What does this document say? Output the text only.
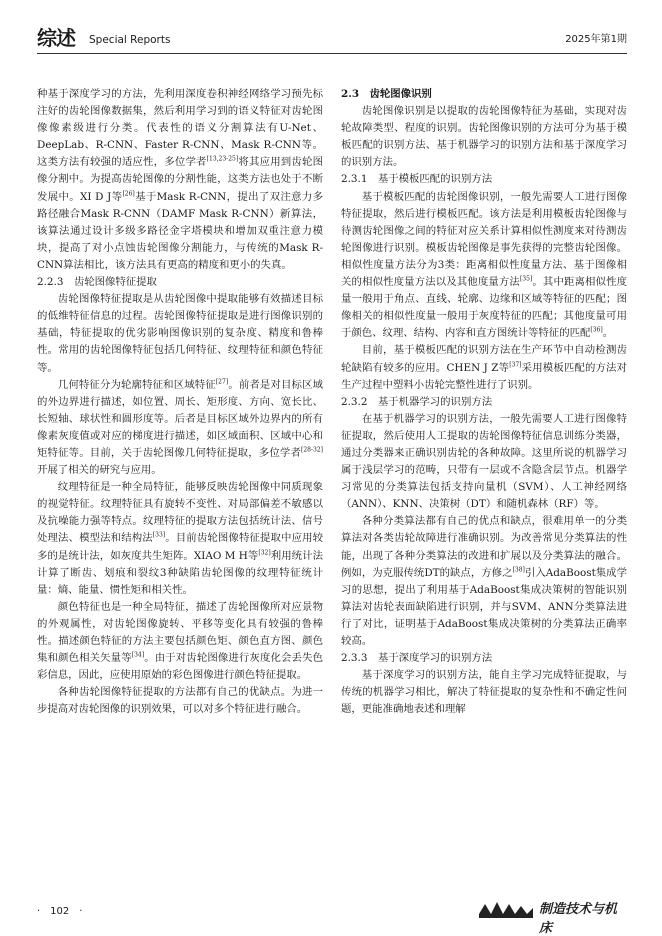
综述 Special Reports	2025年第1期

种基于深度学习的方法，先利用深度卷积神经网络学习预先标注好的齿轮图像数据集，然后利用学习到的语义特征对齿轮图像像素级进行分类。代表性的语义分割算法有U-Net、DeepLab、R-CNN、Faster R-CNN、Mask R-CNN等。这类方法有较强的适应性，多位学者[13,23-25]将其应用到齿轮图像分割中。为提高齿轮图像的分割性能，这类方法也处于不断发展中。XI D J等[26]基于Mask R-CNN，提出了双注意力多路径融合Mask R-CNN（DAMF Mask R-CNN）新算法，该算法通过设计多级多路径金字塔模块和增加双重注意力模块，提高了对小点蚀齿轮图像分割能力，与传统的Mask R-CNN算法相比，该方法具有更高的精度和更小的失真。

2.2.3　齿轮图像特征提取

齿轮图像特征提取是从齿轮图像中提取能够有效描述目标的低维特征信息的过程。齿轮图像特征提取是进行图像识别的基础，特征提取的优劣影响图像识别的复杂度、精度和鲁棒性。常用的齿轮图像特征包括几何特征、纹理特征和颜色特征等。

几何特征分为轮廓特征和区域特征[27]。前者是对目标区域的外边界进行描述，如位置、周长、矩形度、方向、宽长比、长短轴、球状性和圆形度等。后者是目标区域外边界内的所有像素灰度值或对应的梯度进行描述，如区域面积、区域中心和矩特征等。目前，关于齿轮图像几何特征提取，多位学者[28-32]开展了相关的研究与应用。

纹理特征是一种全局特征，能够反映齿轮图像中同质现象的视觉特征。纹理特征具有旋转不变性、对局部偏差不敏感以及抗噪能力强等特点。纹理特征的提取方法包括统计法、信号处理法、模型法和结构法[33]。目前齿轮图像特征提取中应用较多的是统计法，如灰度共生矩阵。XIAO M H等[32]利用统计法计算了断齿、划痕和裂纹3种缺陷齿轮图像的纹理特征统计量：熵、能量、惯性矩和相关性。

颜色特征也是一种全局特征，描述了齿轮图像所对应景物的外观属性，对齿轮图像旋转、平移等变化具有较强的鲁棒性。描述颜色特征的方法主要包括颜色矩、颜色直方图、颜色集和颜色相关矢量等[34]。由于对齿轮图像进行灰度化会丢失色彩信息，因此，应使用原始的彩色图像进行颜色特征提取。

各种齿轮图像特征提取的方法都有自己的优缺点。为进一步提高对齿轮图像的识别效果，可以对多个特征进行融合。

2.3　齿轮图像识别

齿轮图像识别是以提取的齿轮图像特征为基础，实现对齿轮故障类型、程度的识别。齿轮图像识别的方法可分为基于模板匹配的识别方法、基于机器学习的识别方法和基于深度学习的识别方法。

2.3.1　基于模板匹配的识别方法

基于模板匹配的齿轮图像识别，一般先需要人工进行图像特征提取，然后进行模板匹配。该方法是利用模板齿轮图像与待测齿轮图像之间的特征对应关系计算相似性测度来对待测齿轮图像进行识别。模板齿轮图像是事先获得的完整齿轮图像。相似性度量方法分为3类：距离相似性度量方法、基于图像相关的相似性度量方法以及其他度量方法[35]。其中距离相似性度量一般用于角点、直线、轮廓、边缘和区域等特征的匹配；图像相关的相似性度量一般用于灰度特征的匹配；其他度量可用于颜色、纹理、结构、内容和直方图统计等特征的匹配[36]。

目前，基于模板匹配的识别方法在生产环节中自动检测齿轮缺陷有较多的应用。CHEN J Z等[37]采用模板匹配的方法对生产过程中塑料小齿轮完整性进行了识别。

2.3.2　基于机器学习的识别方法

在基于机器学习的识别方法，一般先需要人工进行图像特征提取，然后使用人工提取的齿轮图像特征信息训练分类器，通过分类器来正确识别齿轮的各种故障。这里所说的机器学习属于浅层学习的范畴，只带有一层或不含隐含层节点。机器学习常见的分类算法包括支持向量机（SVM）、人工神经网络（ANN）、KNN、决策树（DT）和随机森林（RF）等。

各种分类算法都有自己的优点和缺点，很难用单一的分类算法对各类齿轮故障进行准确识别。为改善常见分类算法的性能，出现了各种分类算法的改进和扩展以及分类算法的融合。例如，为克服传统DT的缺点，方修之[38]引入AdaBoost集成学习的思想，提出了利用基于AdaBoost集成决策树的智能识别算法对齿轮表面缺陷进行识别，并与SVM、ANN分类算法进行了对比，证明基于AdaBoost集成决策树的分类算法正确率较高。

2.3.3　基于深度学习的识别方法

基于深度学习的识别方法，能自主学习完成特征提取，与传统的机器学习相比，解决了特征提取的复杂性和不确定性问题，更能准确地表述和理解

·　102　·	制造技术与机床
